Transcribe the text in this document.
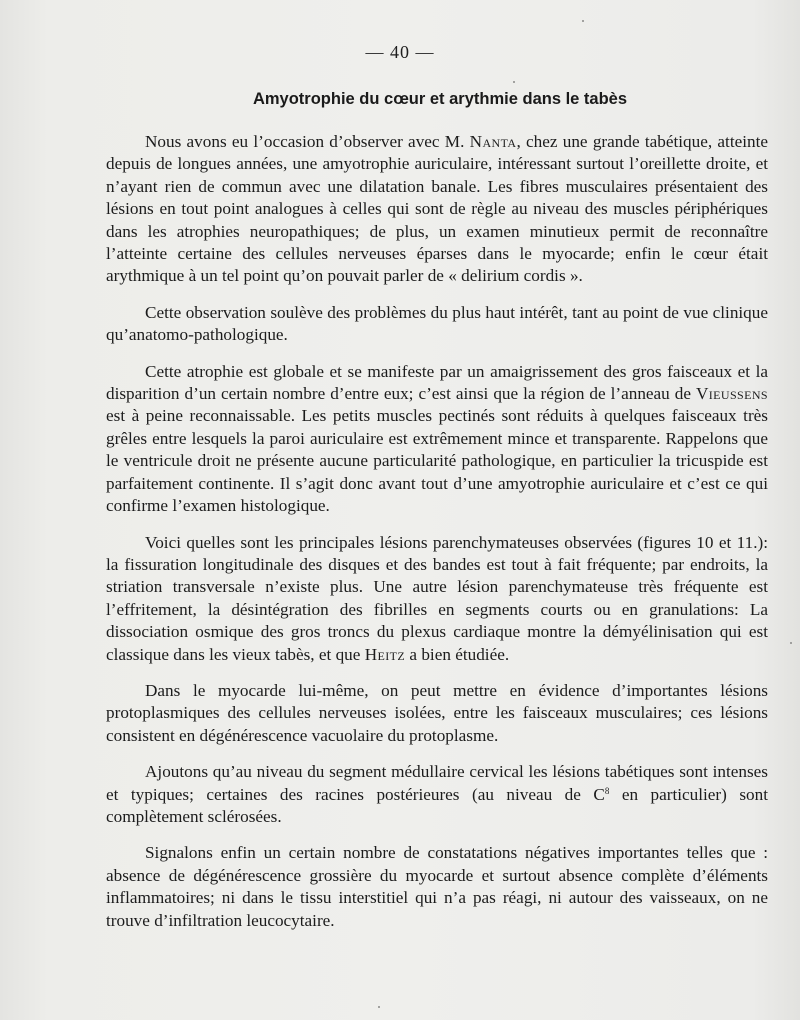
— 40 —
Amyotrophie du cœur et arythmie dans le tabès

Nous avons eu l’occasion d’observer avec M. Nanta, chez une grande tabétique, atteinte depuis de longues années, une amyotrophie auriculaire, intéressant surtout l’oreillette droite, et n’ayant rien de commun avec une dilatation banale. Les fibres musculaires présentaient des lésions en tout point analogues à celles qui sont de règle au niveau des muscles périphériques dans les atrophies neuropathiques; de plus, un examen minutieux permit de reconnaître l’atteinte certaine des cellules nerveuses éparses dans le myocarde; enfin le cœur était arythmique à un tel point qu’on pouvait parler de « delirium cordis ».

Cette observation soulève des problèmes du plus haut intérêt, tant au point de vue clinique qu’anatomo-pathologique.

Cette atrophie est globale et se manifeste par un amaigrissement des gros faisceaux et la disparition d’un certain nombre d’entre eux; c’est ainsi que la région de l’anneau de Vieussens est à peine reconnaissable. Les petits muscles pectinés sont réduits à quelques faisceaux très grêles entre lesquels la paroi auriculaire est extrêmement mince et transparente. Rappelons que le ventricule droit ne présente aucune particularité pathologique, en particulier la tricuspide est parfaitement continente. Il s’agit donc avant tout d’une amyotrophie auriculaire et c’est ce qui confirme l’examen histologique.

Voici quelles sont les principales lésions parenchymateuses observées (figures 10 et 11.): la fissuration longitudinale des disques et des bandes est tout à fait fréquente; par endroits, la striation transversale n’existe plus. Une autre lésion parenchymateuse très fréquente est l’effritement, la désintégration des fibrilles en segments courts ou en granulations: La dissociation osmique des gros troncs du plexus cardiaque montre la démyélinisation qui est classique dans les vieux tabès, et que Heitz a bien étudiée.

Dans le myocarde lui-même, on peut mettre en évidence d’importantes lésions protoplasmiques des cellules nerveuses isolées, entre les faisceaux musculaires; ces lésions consistent en dégénérescence vacuolaire du protoplasme.

Ajoutons qu’au niveau du segment médullaire cervical les lésions tabétiques sont intenses et typiques; certaines des racines postérieures (au niveau de $C^8$ en particulier) sont complètement sclérosées.

Signalons enfin un certain nombre de constatations négatives importantes telles que : absence de dégénérescence grossière du myocarde et surtout absence complète d’éléments inflammatoires; ni dans le tissu interstitiel qui n’a pas réagi, ni autour des vaisseaux, on ne trouve d’infiltration leucocytaire.
